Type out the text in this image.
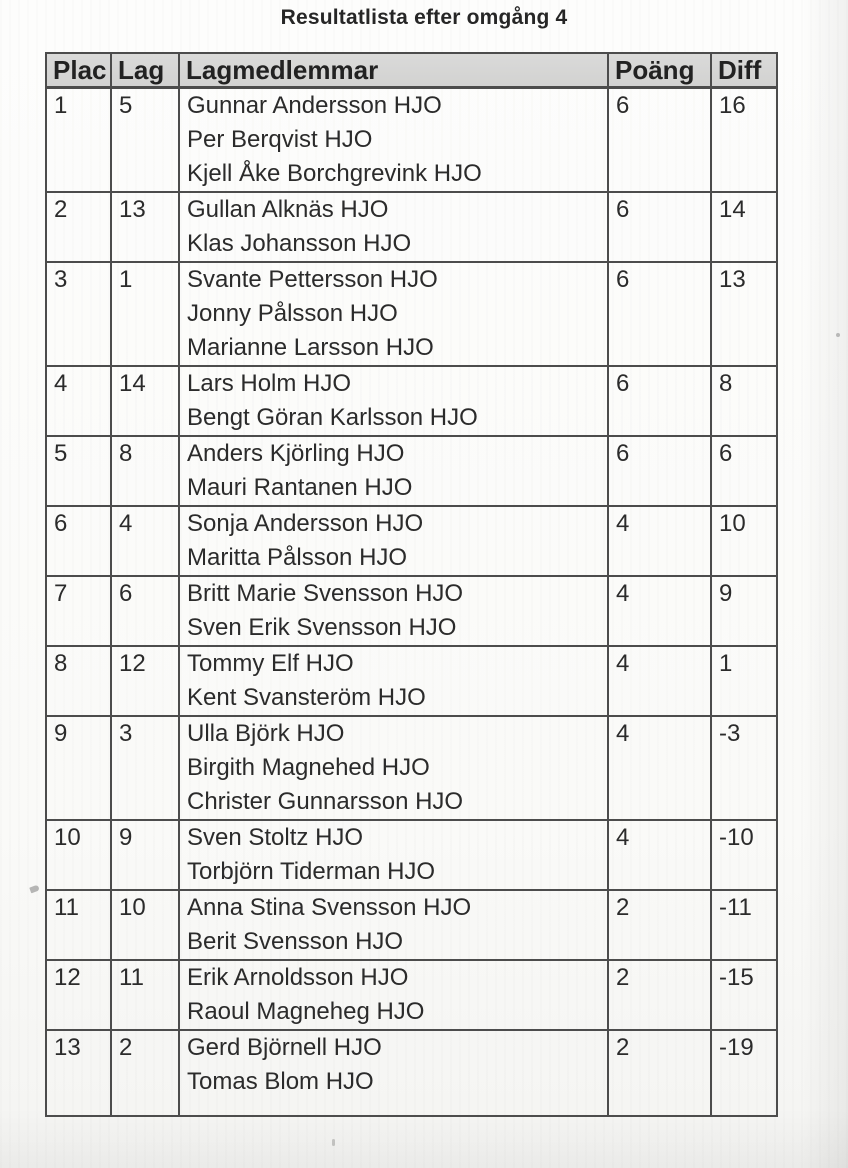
Resultatlista efter omgång 4
Plac	Lag	Lagmedlemmar	Poäng	Diff

1	5	Gunnar Andersson HJO
Per Berqvist HJO
Kjell Åke Borchgrevink HJO	6	16

2	13	Gullan Alknäs HJO
Klas Johansson HJO	6	14

3	1	Svante Pettersson HJO
Jonny Pålsson HJO
Marianne Larsson HJO	6	13

4	14	Lars Holm HJO
Bengt Göran Karlsson HJO	6	8

5	8	Anders Kjörling HJO
Mauri Rantanen HJO	6	6

6	4	Sonja Andersson HJO
Maritta Pålsson HJO	4	10

7	6	Britt Marie Svensson HJO
Sven Erik Svensson HJO	4	9

8	12	Tommy Elf HJO
Kent Svansteröm HJO	4	1

9	3	Ulla Björk HJO
Birgith Magnehed HJO
Christer Gunnarsson HJO	4	-3

10	9	Sven Stoltz HJO
Torbjörn Tiderman HJO	4	-10

11	10	Anna Stina Svensson HJO
Berit Svensson HJO	2	-11

12	11	Erik Arnoldsson HJO
Raoul Magneheg HJO	2	-15

13	2	Gerd Björnell HJO
Tomas Blom HJO	2	-19
